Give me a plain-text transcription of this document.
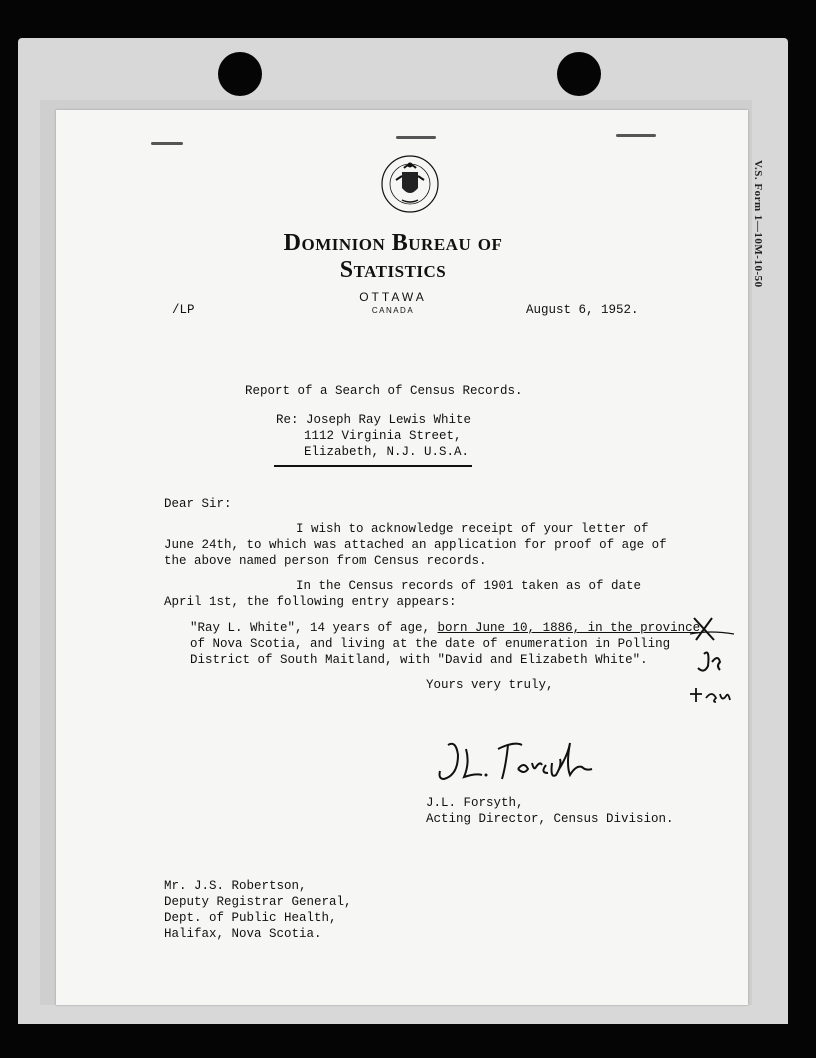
V.S. Form 1—10M-10-50
Dominion Bureau of Statistics
OTTAWA
CANADA
/LP	August 6, 1952.
Report of a Search of Census Records.
Re: Joseph Ray Lewis White
1112 Virginia Street,
Elizabeth, N.J. U.S.A.
Dear Sir:
I wish to acknowledge receipt of your letter of
June 24th, to which was attached an application for proof of age of
the above named person from Census records.
In the Census records of 1901 taken as of date
April 1st, the following entry appears:
"Ray L. White", 14 years of age, born June 10, 1886, in the province
of Nova Scotia, and living at the date of enumeration in Polling
District of South Maitland, with "David and Elizabeth White".
Yours very truly,
J.L. Forsyth,
Acting Director, Census Division.
Mr. J.S. Robertson,
Deputy Registrar General,
Dept. of Public Health,
Halifax, Nova Scotia.
